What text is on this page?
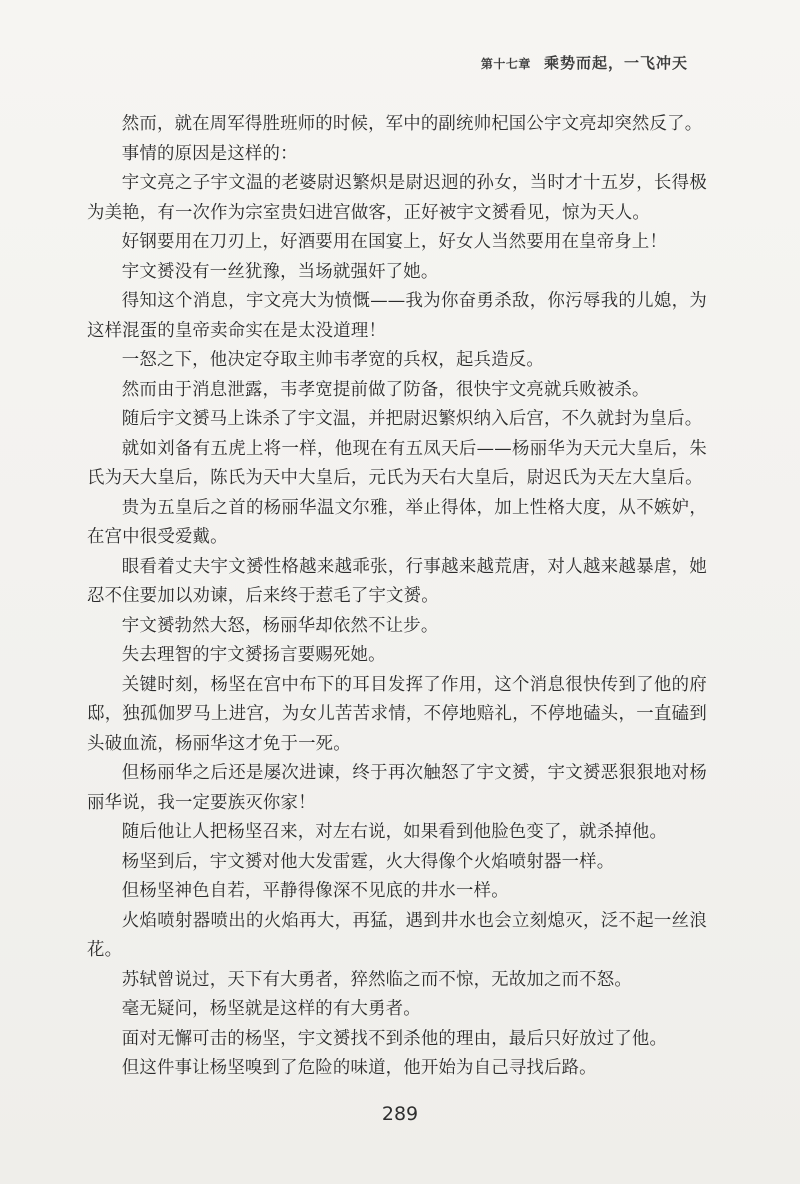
第十七章 乘势而起，一飞冲天

然而，就在周军得胜班师的时候，军中的副统帅杞国公宇文亮却突然反了。

事情的原因是这样的：

宇文亮之子宇文温的老婆尉迟繁炽是尉迟迥的孙女，当时才十五岁，长得极为美艳，有一次作为宗室贵妇进宫做客，正好被宇文赟看见，惊为天人。

好钢要用在刀刃上，好酒要用在国宴上，好女人当然要用在皇帝身上！

宇文赟没有一丝犹豫，当场就强奸了她。

得知这个消息，宇文亮大为愤慨——我为你奋勇杀敌，你污辱我的儿媳，为这样混蛋的皇帝卖命实在是太没道理！

一怒之下，他决定夺取主帅韦孝宽的兵权，起兵造反。

然而由于消息泄露，韦孝宽提前做了防备，很快宇文亮就兵败被杀。

随后宇文赟马上诛杀了宇文温，并把尉迟繁炽纳入后宫，不久就封为皇后。

就如刘备有五虎上将一样，他现在有五凤天后——杨丽华为天元大皇后，朱氏为天大皇后，陈氏为天中大皇后，元氏为天右大皇后，尉迟氏为天左大皇后。

贵为五皇后之首的杨丽华温文尔雅，举止得体，加上性格大度，从不嫉妒，在宫中很受爱戴。

眼看着丈夫宇文赟性格越来越乖张，行事越来越荒唐，对人越来越暴虐，她忍不住要加以劝谏，后来终于惹毛了宇文赟。

宇文赟勃然大怒，杨丽华却依然不让步。

失去理智的宇文赟扬言要赐死她。

关键时刻，杨坚在宫中布下的耳目发挥了作用，这个消息很快传到了他的府邸，独孤伽罗马上进宫，为女儿苦苦求情，不停地赔礼，不停地磕头，一直磕到头破血流，杨丽华这才免于一死。

但杨丽华之后还是屡次进谏，终于再次触怒了宇文赟，宇文赟恶狠狠地对杨丽华说，我一定要族灭你家！

随后他让人把杨坚召来，对左右说，如果看到他脸色变了，就杀掉他。

杨坚到后，宇文赟对他大发雷霆，火大得像个火焰喷射器一样。

但杨坚神色自若，平静得像深不见底的井水一样。

火焰喷射器喷出的火焰再大，再猛，遇到井水也会立刻熄灭，泛不起一丝浪花。

苏轼曾说过，天下有大勇者，猝然临之而不惊，无故加之而不怒。

毫无疑问，杨坚就是这样的有大勇者。

面对无懈可击的杨坚，宇文赟找不到杀他的理由，最后只好放过了他。

但这件事让杨坚嗅到了危险的味道，他开始为自己寻找后路。

289
